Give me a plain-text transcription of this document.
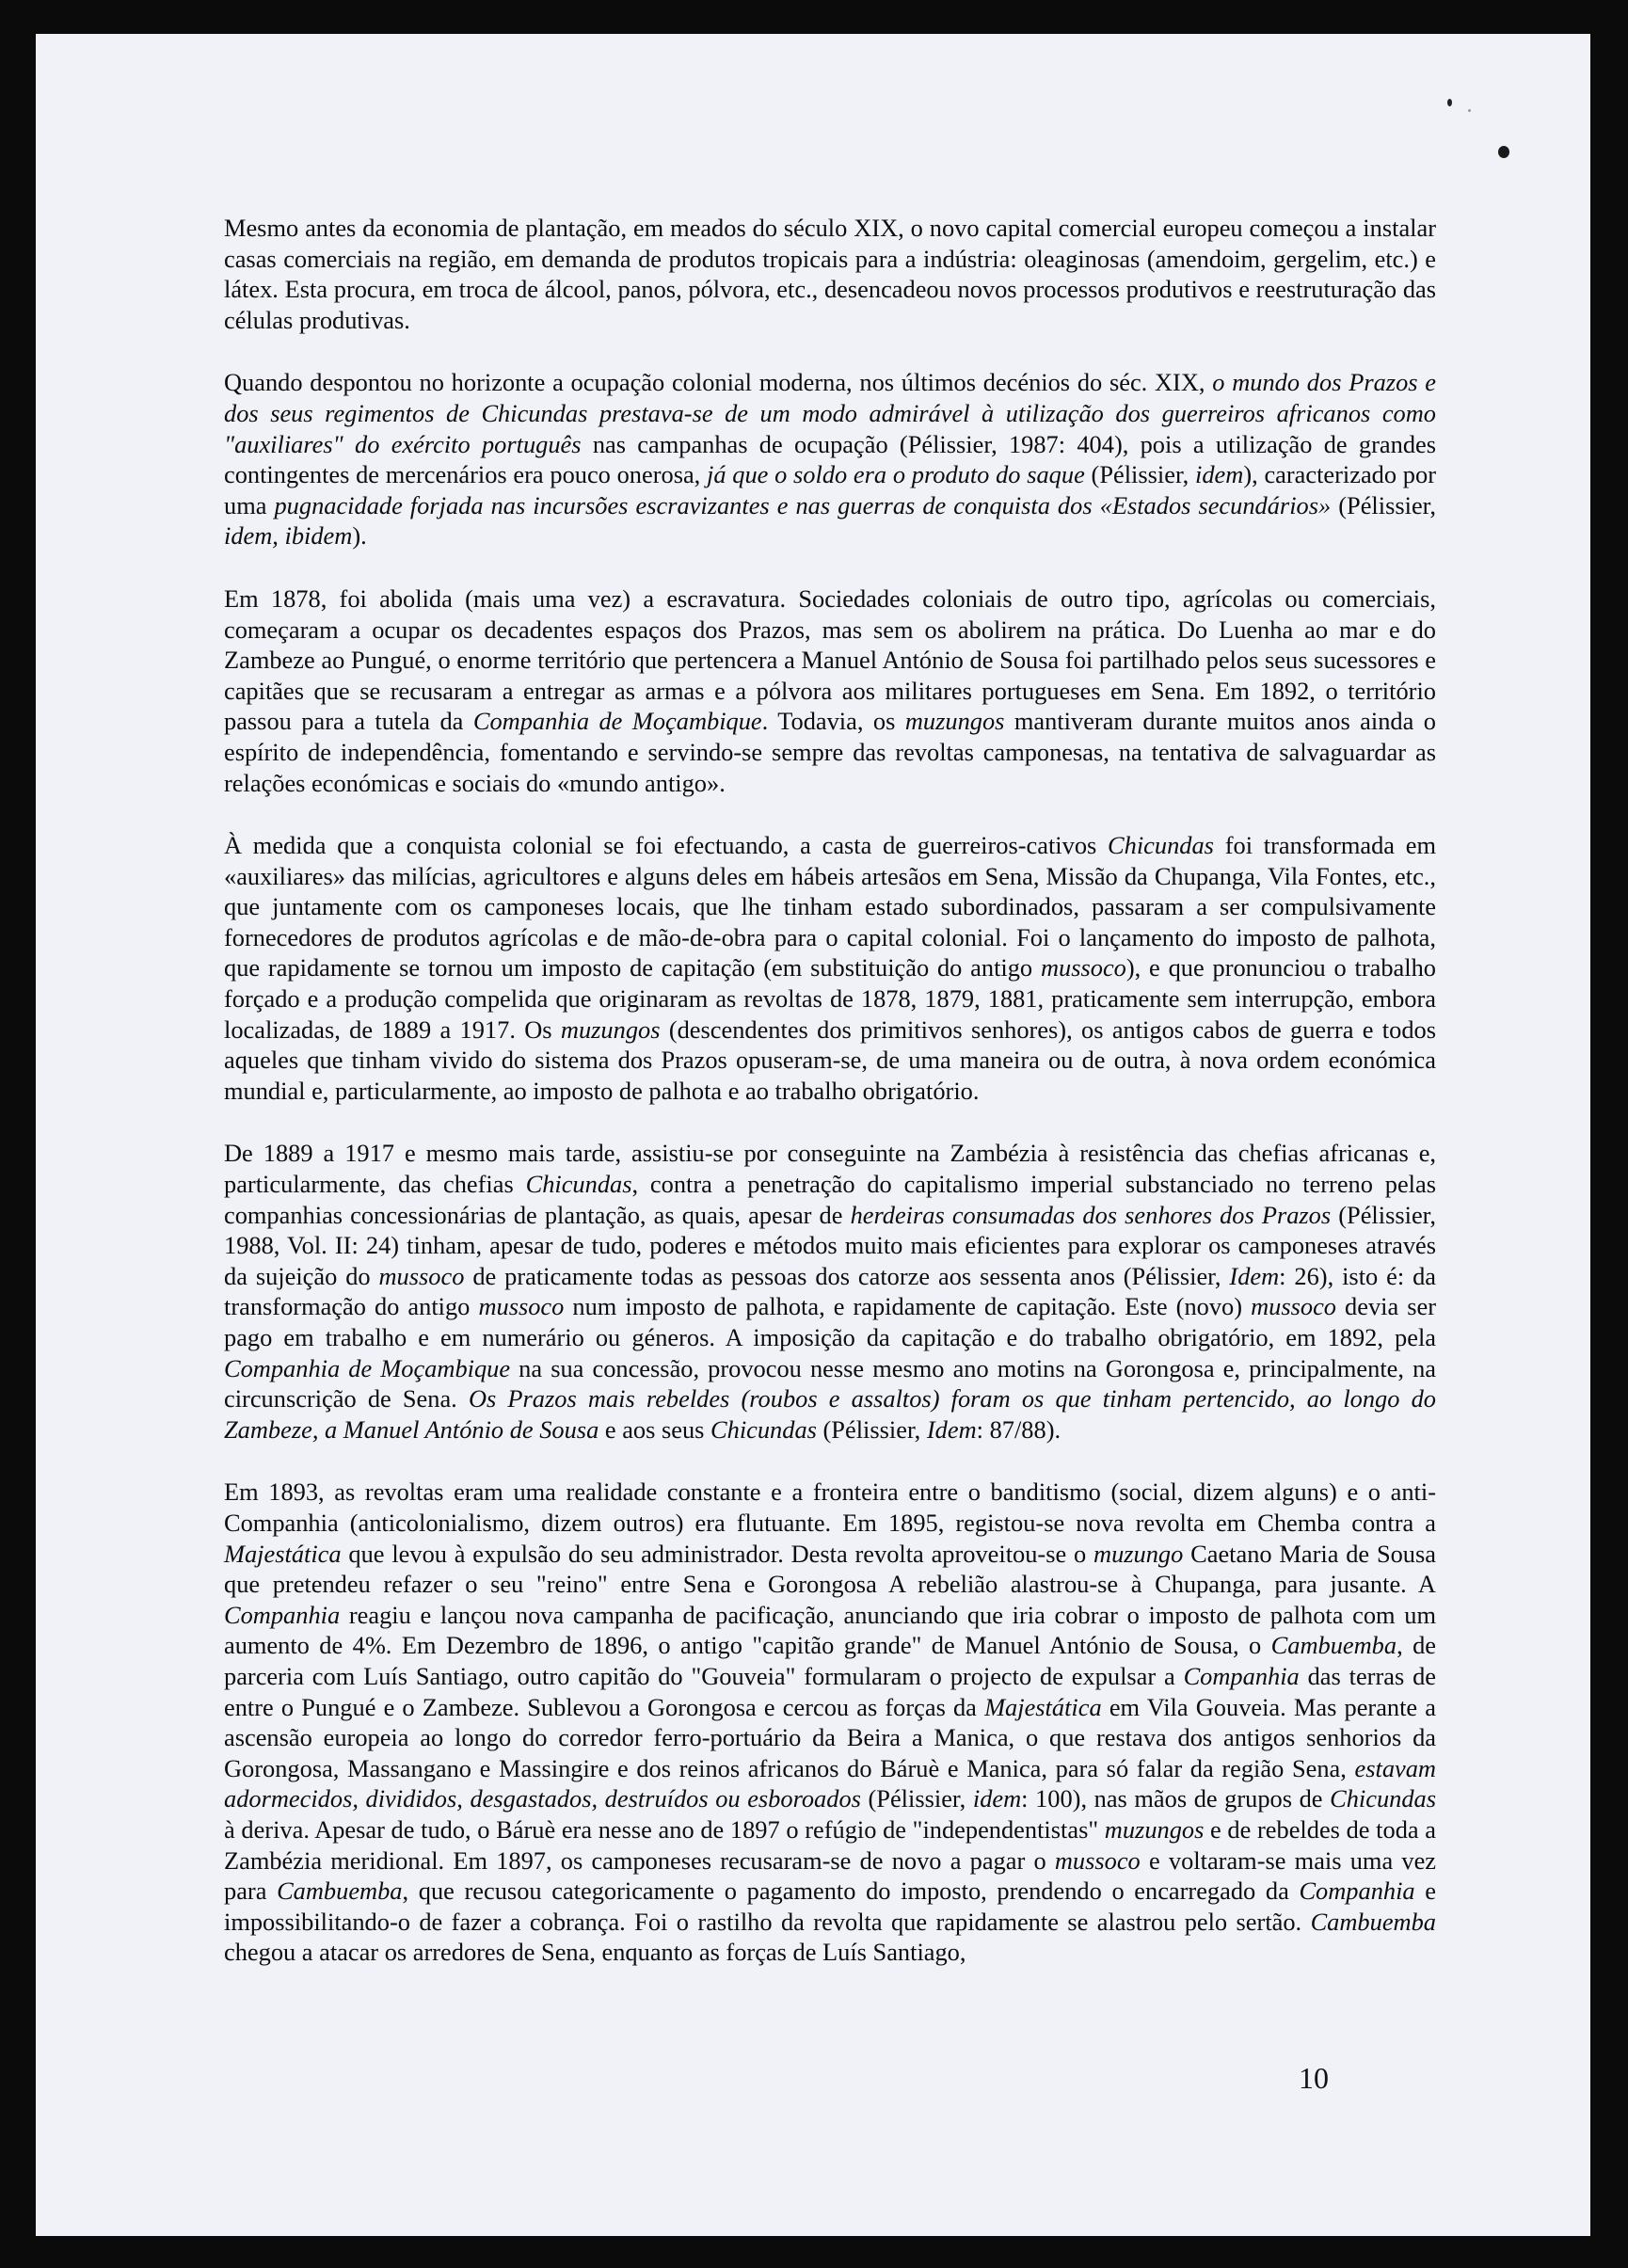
Mesmo antes da economia de plantação, em meados do século XIX, o novo capital comercial europeu começou a instalar casas comerciais na região, em demanda de produtos tropicais para a indústria: oleaginosas (amendoim, gergelim, etc.) e látex. Esta procura, em troca de álcool, panos, pólvora, etc., desencadeou novos processos produtivos e reestruturação das células produtivas.

Quando despontou no horizonte a ocupação colonial moderna, nos últimos decénios do séc. XIX, o mundo dos Prazos e dos seus regimentos de Chicundas prestava-se de um modo admirável à utilização dos guerreiros africanos como "auxiliares" do exército português nas campanhas de ocupação (Pélissier, 1987: 404), pois a utilização de grandes contingentes de mercenários era pouco onerosa, já que o soldo era o produto do saque (Pélissier, idem), caracterizado por uma pugnacidade forjada nas incursões escravizantes e nas guerras de conquista dos «Estados secundários» (Pélissier, idem, ibidem).

Em 1878, foi abolida (mais uma vez) a escravatura. Sociedades coloniais de outro tipo, agrícolas ou comerciais, começaram a ocupar os decadentes espaços dos Prazos, mas sem os abolirem na prática. Do Luenha ao mar e do Zambeze ao Pungué, o enorme território que pertencera a Manuel António de Sousa foi partilhado pelos seus sucessores e capitães que se recusaram a entregar as armas e a pólvora aos militares portugueses em Sena. Em 1892, o território passou para a tutela da Companhia de Moçambique. Todavia, os muzungos mantiveram durante muitos anos ainda o espírito de independência, fomentando e servindo-se sempre das revoltas camponesas, na tentativa de salvaguardar as relações económicas e sociais do «mundo antigo».

À medida que a conquista colonial se foi efectuando, a casta de guerreiros-cativos Chicundas foi transformada em «auxiliares» das milícias, agricultores e alguns deles em hábeis artesãos em Sena, Missão da Chupanga, Vila Fontes, etc., que juntamente com os camponeses locais, que lhe tinham estado subordinados, passaram a ser compulsivamente fornecedores de produtos agrícolas e de mão-de-obra para o capital colonial. Foi o lançamento do imposto de palhota, que rapidamente se tornou um imposto de capitação (em substituição do antigo mussoco), e que pronunciou o trabalho forçado e a produção compelida que originaram as revoltas de 1878, 1879, 1881, praticamente sem interrupção, embora localizadas, de 1889 a 1917. Os muzungos (descendentes dos primitivos senhores), os antigos cabos de guerra e todos aqueles que tinham vivido do sistema dos Prazos opuseram-se, de uma maneira ou de outra, à nova ordem económica mundial e, particularmente, ao imposto de palhota e ao trabalho obrigatório.

De 1889 a 1917 e mesmo mais tarde, assistiu-se por conseguinte na Zambézia à resistência das chefias africanas e, particularmente, das chefias Chicundas, contra a penetração do capitalismo imperial substanciado no terreno pelas companhias concessionárias de plantação, as quais, apesar de herdeiras consumadas dos senhores dos Prazos (Pélissier, 1988, Vol. II: 24) tinham, apesar de tudo, poderes e métodos muito mais eficientes para explorar os camponeses através da sujeição do mussoco de praticamente todas as pessoas dos catorze aos sessenta anos (Pélissier, Idem: 26), isto é: da transformação do antigo mussoco num imposto de palhota, e rapidamente de capitação. Este (novo) mussoco devia ser pago em trabalho e em numerário ou géneros. A imposição da capitação e do trabalho obrigatório, em 1892, pela Companhia de Moçambique na sua concessão, provocou nesse mesmo ano motins na Gorongosa e, principalmente, na circunscrição de Sena. Os Prazos mais rebeldes (roubos e assaltos) foram os que tinham pertencido, ao longo do Zambeze, a Manuel António de Sousa e aos seus Chicundas (Pélissier, Idem: 87/88).

Em 1893, as revoltas eram uma realidade constante e a fronteira entre o banditismo (social, dizem alguns) e o anti-Companhia (anticolonialismo, dizem outros) era flutuante. Em 1895, registou-se nova revolta em Chemba contra a Majestática que levou à expulsão do seu administrador. Desta revolta aproveitou-se o muzungo Caetano Maria de Sousa que pretendeu refazer o seu "reino" entre Sena e Gorongosa A rebelião alastrou-se à Chupanga, para jusante. A Companhia reagiu e lançou nova campanha de pacificação, anunciando que iria cobrar o imposto de palhota com um aumento de 4%. Em Dezembro de 1896, o antigo "capitão grande" de Manuel António de Sousa, o Cambuemba, de parceria com Luís Santiago, outro capitão do "Gouveia" formularam o projecto de expulsar a Companhia das terras de entre o Pungué e o Zambeze. Sublevou a Gorongosa e cercou as forças da Majestática em Vila Gouveia. Mas perante a ascensão europeia ao longo do corredor ferro-portuário da Beira a Manica, o que restava dos antigos senhorios da Gorongosa, Massangano e Massingire e dos reinos africanos do Báruè e Manica, para só falar da região Sena, estavam adormecidos, divididos, desgastados, destruídos ou esboroados (Pélissier, idem: 100), nas mãos de grupos de Chicundas à deriva. Apesar de tudo, o Báruè era nesse ano de 1897 o refúgio de "independentistas" muzungos e de rebeldes de toda a Zambézia meridional. Em 1897, os camponeses recusaram-se de novo a pagar o mussoco e voltaram-se mais uma vez para Cambuemba, que recusou categoricamente o pagamento do imposto, prendendo o encarregado da Companhia e impossibilitando-o de fazer a cobrança. Foi o rastilho da revolta que rapidamente se alastrou pelo sertão. Cambuemba chegou a atacar os arredores de Sena, enquanto as forças de Luís Santiago,

10
